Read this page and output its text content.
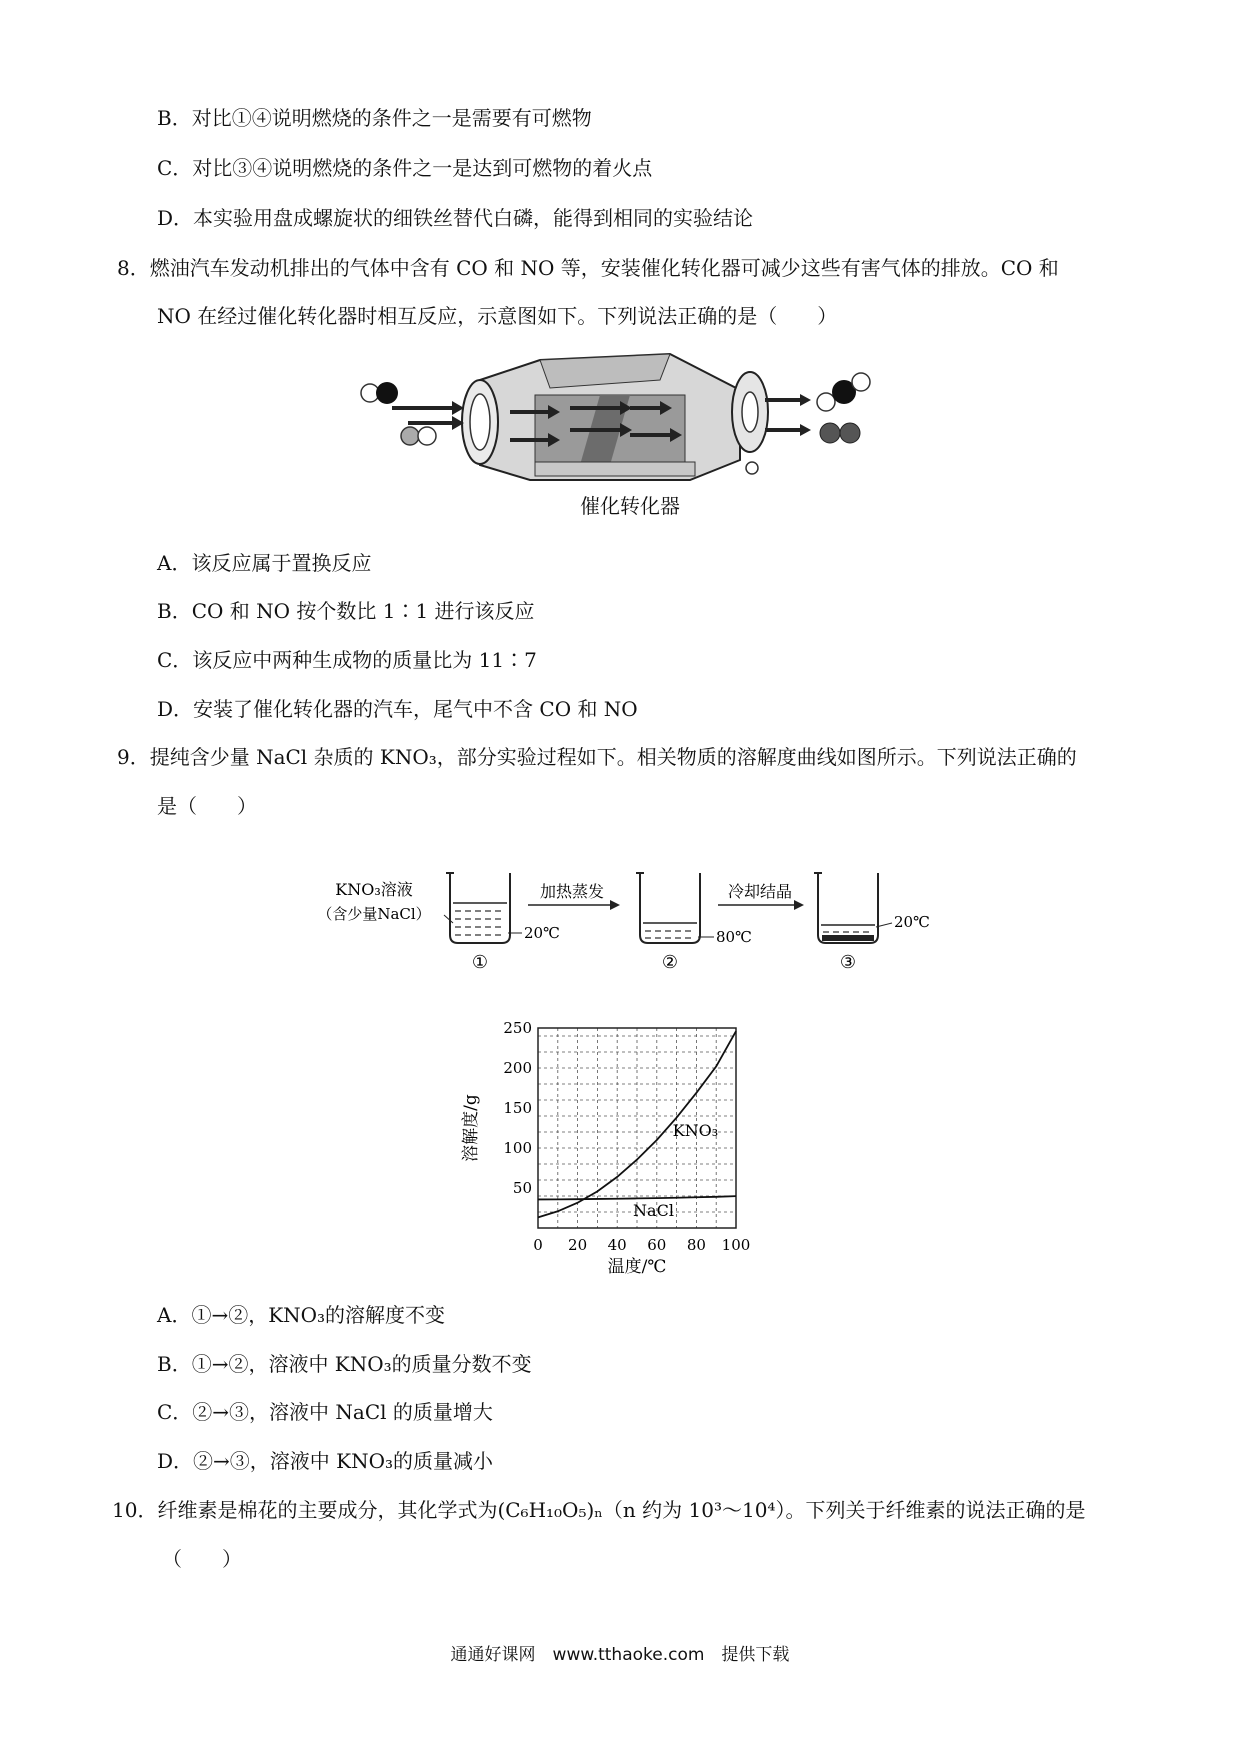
B．对比①④说明燃烧的条件之一是需要有可燃物
C．对比③④说明燃烧的条件之一是达到可燃物的着火点
D．本实验用盘成螺旋状的细铁丝替代白磷，能得到相同的实验结论
8．燃油汽车发动机排出的气体中含有 CO 和 NO 等，安装催化转化器可减少这些有害气体的排放。CO 和
NO 在经过催化转化器时相互反应，示意图如下。下列说法正确的是（　　）
催化转化器
A．该反应属于置换反应
B．CO 和 NO 按个数比 1∶1 进行该反应
C．该反应中两种生成物的质量比为 11∶7
D．安装了催化转化器的汽车，尾气中不含 CO 和 NO
9．提纯含少量 NaCl 杂质的 KNO₃，部分实验过程如下。相关物质的溶解度曲线如图所示。下列说法正确的
是（　　）
KNO₃溶液
（含少量NaCl）
20℃
①
加热蒸发
80℃
②
冷却结晶
20℃
③
0 20 40 60 80 100
50
100
150
200
250
温度/℃
溶解度/g	KNO₃
NaCl
A．①→②，KNO₃的溶解度不变
B．①→②，溶液中 KNO₃的质量分数不变
C．②→③，溶液中 NaCl 的质量增大
D．②→③，溶液中 KNO₃的质量减小
10．纤维素是棉花的主要成分，其化学式为(C₆H₁₀O₅)ₙ（n 约为 10³～10⁴）。下列关于纤维素的说法正确的是
（　　）
通通好课网　www.tthaoke.com　提供下载
